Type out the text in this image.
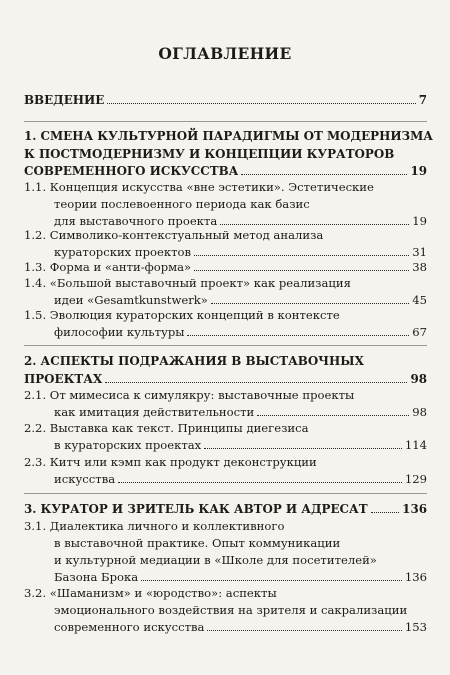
ОГЛАВЛЕНИЕ
ВВЕДЕНИЕ	7
1. СМЕНА КУЛЬТУРНОЙ ПАРАДИГМЫ ОТ МОДЕРНИЗМА
К ПОСТМОДЕРНИЗМУ И КОНЦЕПЦИИ КУРАТОРОВ
СОВРЕМЕННОГО ИСКУССТВА	19
1.1. Концепция искусства «вне эстетики». Эстетические
теории послевоенного периода как базис
для выставочного проекта	19
1.2. Символико-контекстуальный метод анализа
кураторских проектов	31
1.3. Форма и «анти-форма»	38
1.4. «Большой выставочный проект» как реализация
идеи «Gesamtkunstwerk»	45
1.5. Эволюция кураторских концепций в контексте
философии культуры	67
2. АСПЕКТЫ ПОДРАЖАНИЯ В ВЫСТАВОЧНЫХ
ПРОЕКТАХ	98
2.1. От мимесиса к симулякру: выставочные проекты
как имитация действительности	98
2.2. Выставка как текст. Принципы диегезиса
в кураторских проектах	114
2.3. Китч или кэмп как продукт деконструкции
искусства	129
3. КУРАТОР И ЗРИТЕЛЬ КАК АВТОР И АДРЕСАТ	136
3.1. Диалектика личного и коллективного
в выставочной практике. Опыт коммуникации
и культурной медиации в «Школе для посетителей»
Базона Брока	136
3.2. «Шаманизм» и «юродство»: аспекты
эмоционального воздействия на зрителя и сакрализации
современного искусства	153
